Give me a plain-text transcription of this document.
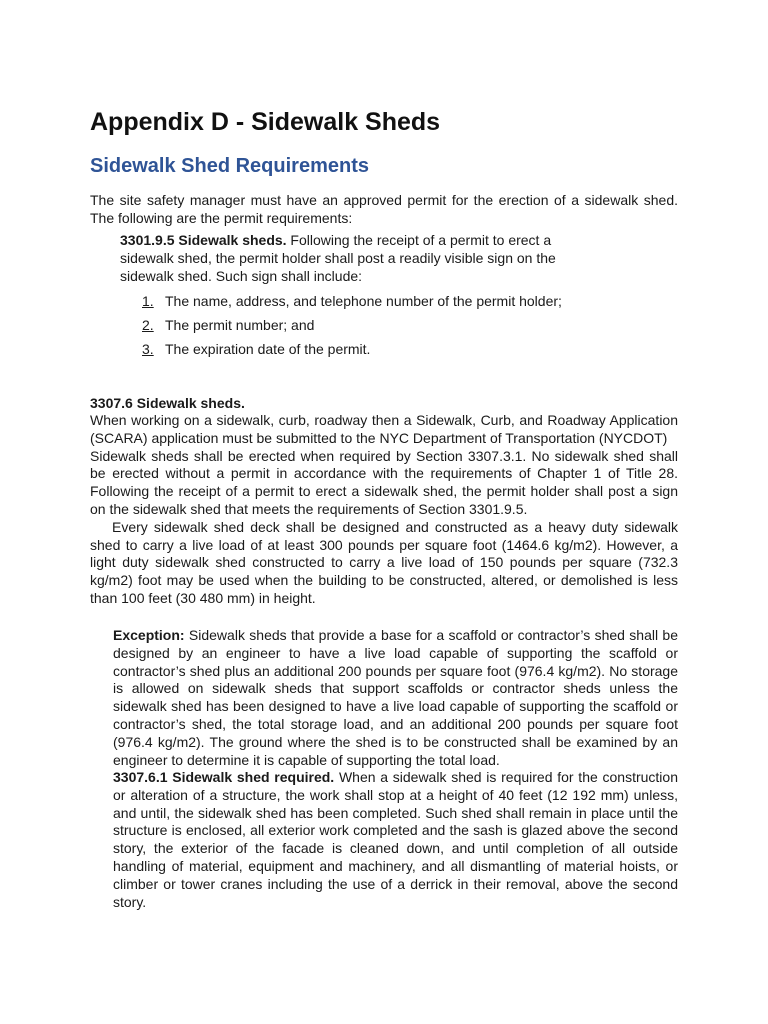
Appendix D - Sidewalk Sheds
Sidewalk Shed Requirements

The site safety manager must have an approved permit for the erection of a sidewalk shed. The following are the permit requirements:

3301.9.5 Sidewalk sheds. Following the receipt of a permit to erect a sidewalk shed, the permit holder shall post a readily visible sign on the sidewalk shed. Such sign shall include:

1. The name, address, and telephone number of the permit holder;
2. The permit number; and
3. The expiration date of the permit.

3307.6 Sidewalk sheds.

When working on a sidewalk, curb, roadway then a Sidewalk, Curb, and Roadway Application (SCARA) application must be submitted to the NYC Department of Transportation (NYCDOT)
Sidewalk sheds shall be erected when required by Section 3307.3.1. No sidewalk shed shall be erected without a permit in accordance with the requirements of Chapter 1 of Title 28. Following the receipt of a permit to erect a sidewalk shed, the permit holder shall post a sign on the sidewalk shed that meets the requirements of Section 3301.9.5.
Every sidewalk shed deck shall be designed and constructed as a heavy duty sidewalk shed to carry a live load of at least 300 pounds per square foot (1464.6 kg/m2). However, a light duty sidewalk shed constructed to carry a live load of 150 pounds per square (732.3 kg/m2) foot may be used when the building to be constructed, altered, or demolished is less than 100 feet (30 480 mm) in height.

Exception: Sidewalk sheds that provide a base for a scaffold or contractor’s shed shall be designed by an engineer to have a live load capable of supporting the scaffold or contractor’s shed plus an additional 200 pounds per square foot (976.4 kg/m2). No storage is allowed on sidewalk sheds that support scaffolds or contractor sheds unless the sidewalk shed has been designed to have a live load capable of supporting the scaffold or contractor’s shed, the total storage load, and an additional 200 pounds per square foot (976.4 kg/m2). The ground where the shed is to be constructed shall be examined by an engineer to determine it is capable of supporting the total load.

3307.6.1 Sidewalk shed required. When a sidewalk shed is required for the construction or alteration of a structure, the work shall stop at a height of 40 feet (12 192 mm) unless, and until, the sidewalk shed has been completed. Such shed shall remain in place until the structure is enclosed, all exterior work completed and the sash is glazed above the second story, the exterior of the facade is cleaned down, and until completion of all outside handling of material, equipment and machinery, and all dismantling of material hoists, or climber or tower cranes including the use of a derrick in their removal, above the second story.
